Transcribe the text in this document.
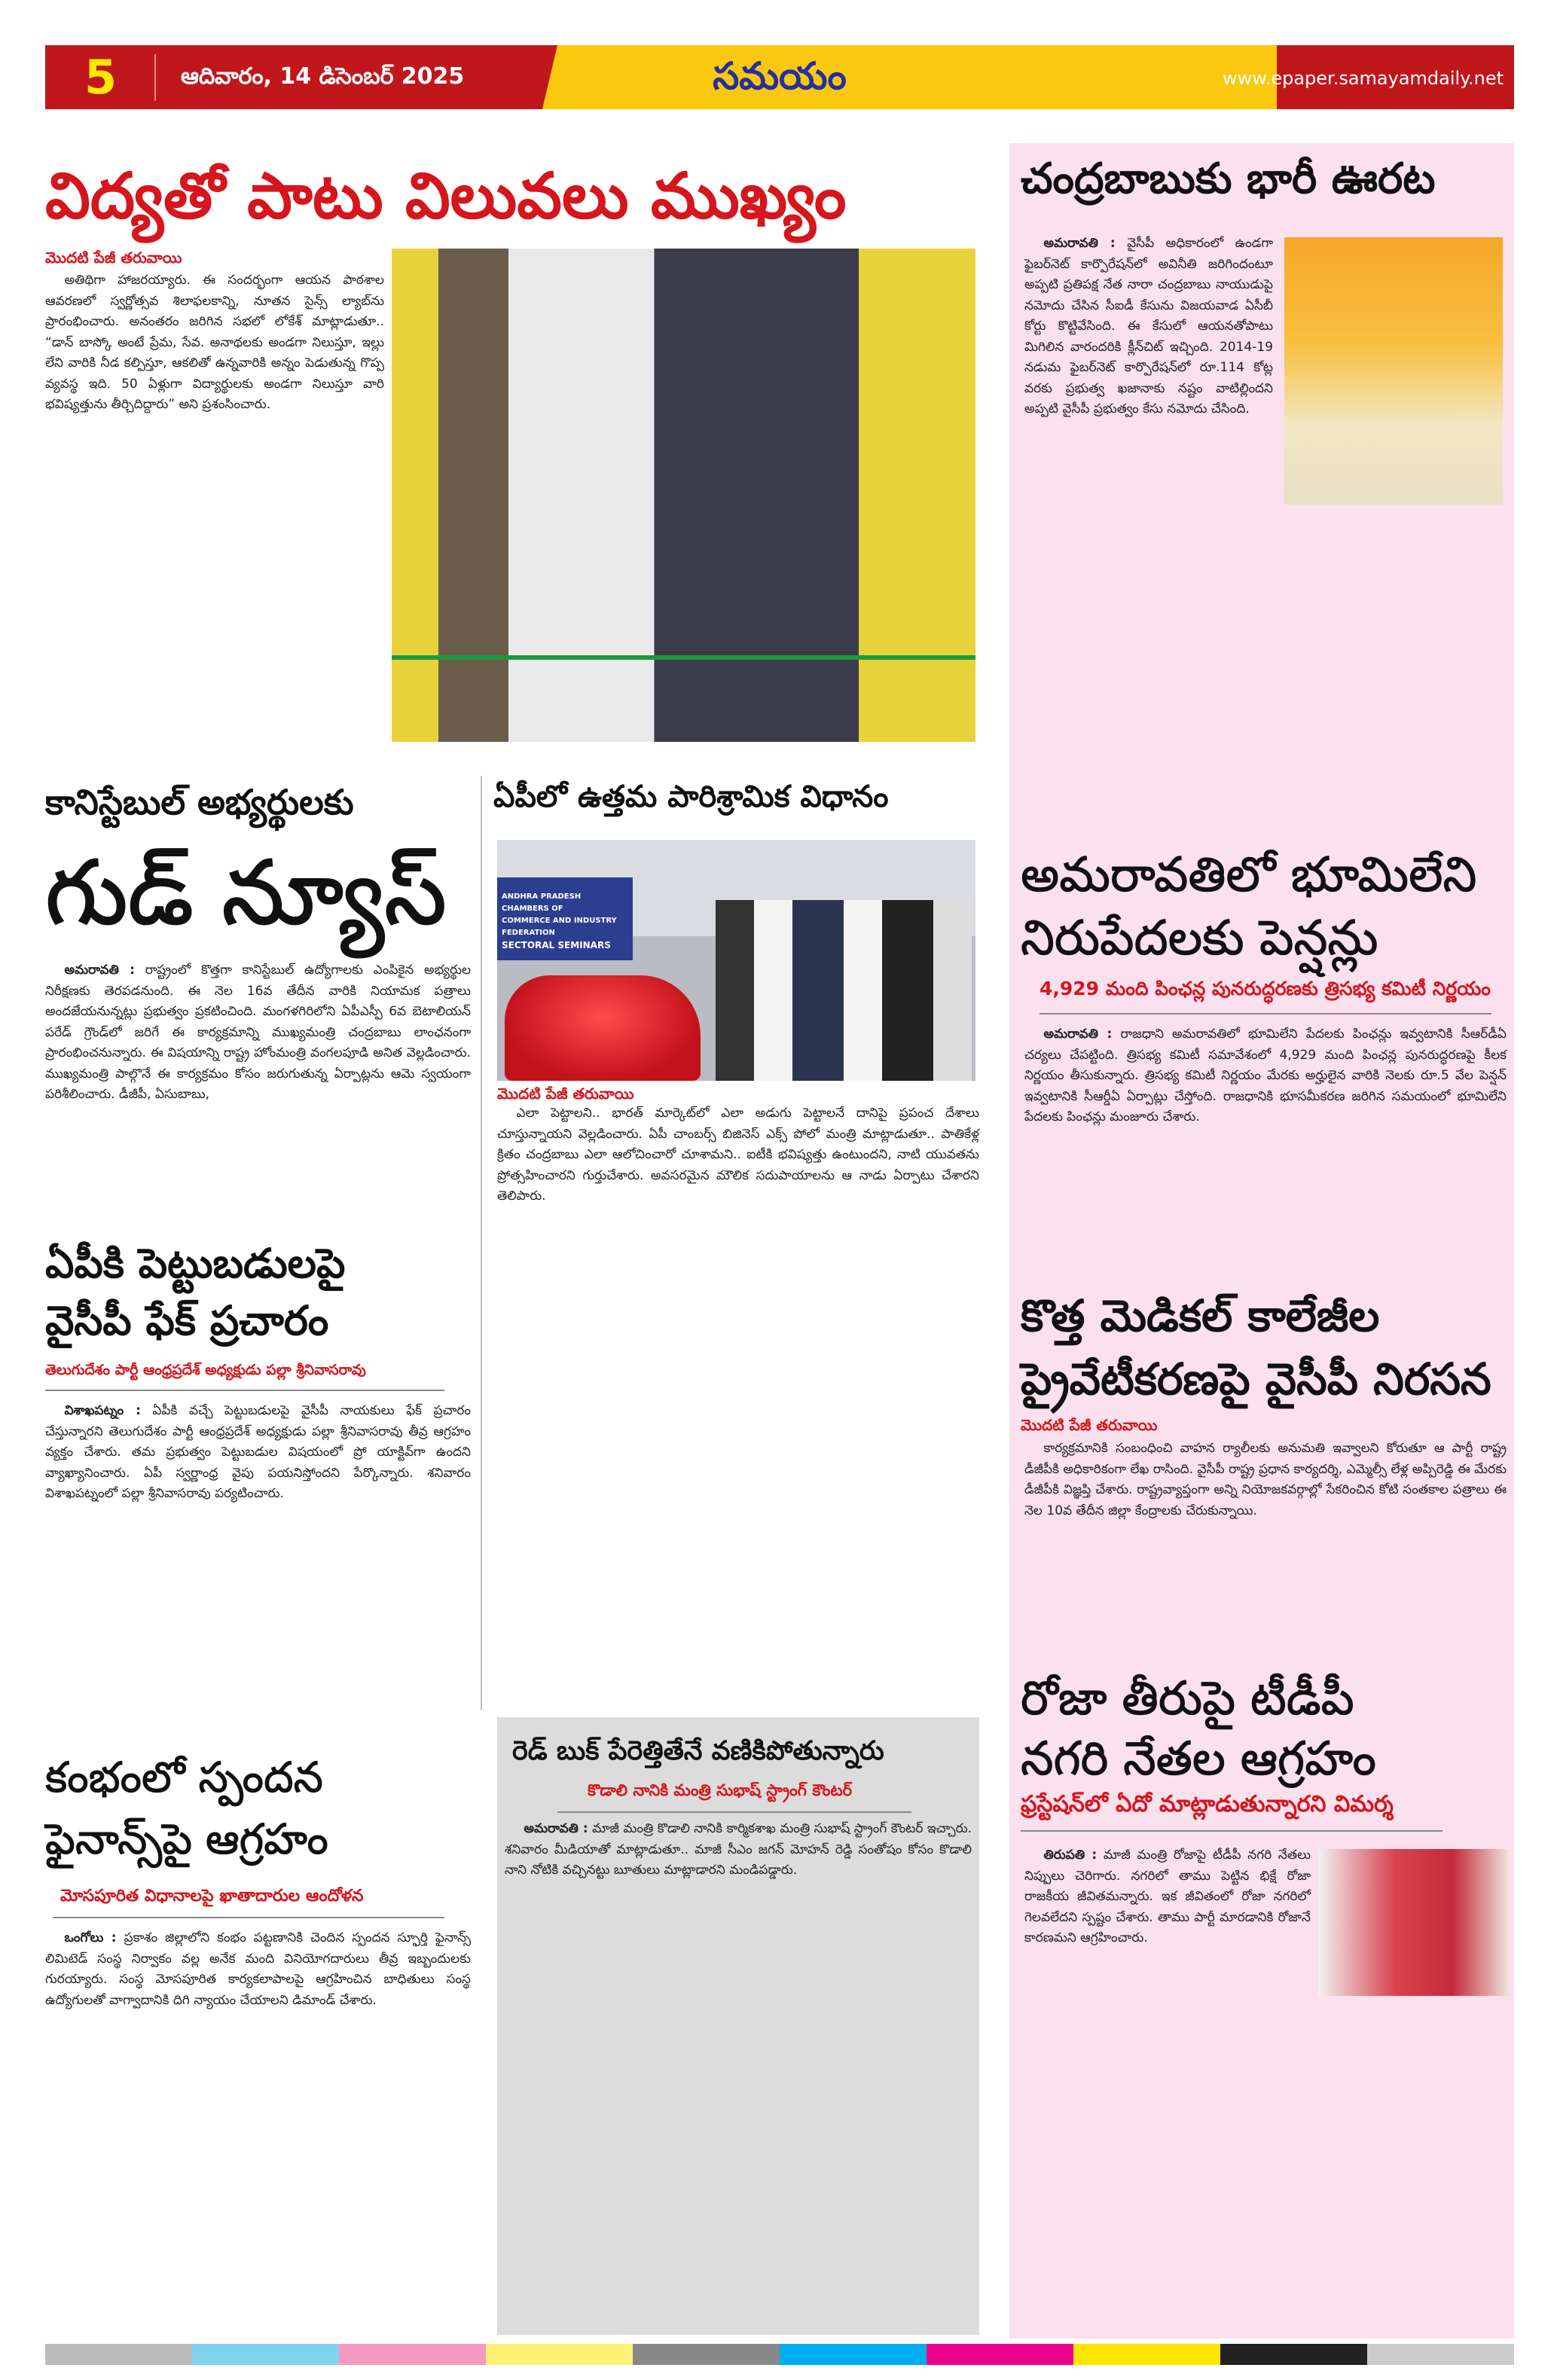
5	ఆదివారం, 14 డిసెంబర్ 2025	సమయం	www.epaper.samayamdaily.net
విద్యతో పాటు విలువలు ముఖ్యం
మొదటి పేజీ తరువాయి

అతిథిగా హాజరయ్యారు. ఈ సందర్భంగా ఆయన పాఠశాల ఆవరణలో స్వర్ణోత్సవ శిలాఫలకాన్ని, నూతన సైన్స్ ల్యాబ్‌ను ప్రారంభించారు. అనంతరం జరిగిన సభలో లోకేశ్ మాట్లాడుతూ.. “డాన్ బాస్కో అంటే ప్రేమ, సేవ. అనాథలకు అండగా నిలుస్తూ, ఇల్లు లేని వారికి నీడ కల్పిస్తూ, ఆకలితో ఉన్నవారికి అన్నం పెడుతున్న గొప్ప వ్యవస్థ ఇది. 50 ఏళ్లుగా విద్యార్థులకు అండగా నిలుస్తూ వారి భవిష్యత్తును తీర్చిదిద్దారు” అని ప్రశంసించారు.

చంద్రబాబుకు భారీ ఊరట

అమరావతి : వైసీపీ అధికారంలో ఉండగా ఫైబర్‌నెట్ కార్పొరేషన్‌లో అవినీతి జరిగిందంటూ అప్పటి ప్రతిపక్ష నేత నారా చంద్రబాబు నాయుడుపై నమోదు చేసిన సీఐడీ కేసును విజయవాడ ఏసీబీ కోర్టు కొట్టివేసింది. ఈ కేసులో ఆయనతోపాటు మిగిలిన వారందరికి క్లీన్‌చిట్ ఇచ్చింది. 2014-19 నడుమ ఫైబర్‌నెట్ కార్పొరేషన్‌లో రూ.114 కోట్ల వరకు ప్రభుత్వ ఖజానాకు నష్టం వాటిల్లిందని అప్పటి వైసీపీ ప్రభుత్వం కేసు నమోదు చేసింది.

అమరావతిలో భూమిలేని
నిరుపేదలకు పెన్షన్లు
4,929 మంది పింఛన్ల పునరుద్ధరణకు త్రిసభ్య కమిటీ నిర్ణయం

అమరావతి : రాజధాని అమరావతిలో భూమిలేని పేదలకు పింఛన్లు ఇవ్వటానికి సీఆర్‌డీఏ చర్యలు చేపట్టింది. త్రిసభ్య కమిటీ సమావేశంలో 4,929 మంది పింఛన్ల పునరుద్ధరణపై కీలక నిర్ణయం తీసుకున్నారు. త్రిసభ్య కమిటీ నిర్ణయం మేరకు అర్హులైన వారికి నెలకు రూ.5 వేల పెన్షన్ ఇవ్వటానికి సీఆర్డీఏ ఏర్పాట్లు చేస్తోంది. రాజధానికి భూసమీకరణ జరిగిన సమయంలో భూమిలేని పేదలకు పింఛన్లు మంజూరు చేశారు.

కొత్త మెడికల్ కాలేజీల
ప్రైవేటీకరణపై వైసీపీ నిరసన
మొదటి పేజీ తరువాయి

కార్యక్రమానికి సంబంధించి వాహన ర్యాలీలకు అనుమతి ఇవ్వాలని కోరుతూ ఆ పార్టీ రాష్ట్ర డీజీపీకి అధికారికంగా లేఖ రాసింది. వైసీపీ రాష్ట్ర ప్రధాన కార్యదర్శి, ఎమ్మెల్సీ లేళ్ల అప్పిరెడ్డి ఈ మేరకు డీజీపీకి విజ్ఞప్తి చేశారు. రాష్ట్రవ్యాప్తంగా అన్ని నియోజకవర్గాల్లో సేకరించిన కోటి సంతకాల పత్రాలు ఈ నెల 10వ తేదీన జిల్లా కేంద్రాలకు చేరుకున్నాయి.

రోజా తీరుపై టీడీపీ
నగరి నేతల ఆగ్రహం
ఫ్రస్టేషన్‌లో ఏదో మాట్లాడుతున్నారని విమర్శ

తిరుపతి : మాజీ మంత్రి రోజాపై టీడీపీ నగరి నేతలు నిప్పులు చెరిగారు. నగరిలో తాము పెట్టిన భిక్షే రోజా రాజకీయ జీవితమన్నారు. ఇక జీవితంలో రోజా నగరిలో గెలవలేదని స్పష్టం చేశారు. తాము పార్టీ మారడానికి రోజానే కారణమని ఆగ్రహించారు.

కానిస్టేబుల్ అభ్యర్థులకు
గుడ్ న్యూస్

అమరావతి : రాష్ట్రంలో కొత్తగా కానిస్టేబుల్ ఉద్యోగాలకు ఎంపికైన అభ్యర్థుల నిరీక్షణకు తెరపడనుంది. ఈ నెల 16వ తేదీన వారికి నియామక పత్రాలు అందజేయనున్నట్లు ప్రభుత్వం ప్రకటించింది. మంగళగిరిలోని ఏపీఎస్పీ 6వ బెటాలియన్ పరేడ్ గ్రౌండ్‌లో జరిగే ఈ కార్యక్రమాన్ని ముఖ్యమంత్రి చంద్రబాబు లాంఛనంగా ప్రారంభించనున్నారు. ఈ విషయాన్ని రాష్ట్ర హోంమంత్రి వంగలపూడి అనిత వెల్లడించారు. ముఖ్యమంత్రి పాల్గొనే ఈ కార్యక్రమం కోసం జరుగుతున్న ఏర్పాట్లను ఆమె స్వయంగా పరిశీలించారు. డీజీపీ, ఏసుబాబు,

ఏపీకి పెట్టుబడులపై
వైసీపీ ఫేక్ ప్రచారం
తెలుగుదేశం పార్టీ ఆంధ్రప్రదేశ్ అధ్యక్షుడు పల్లా శ్రీనివాసరావు

విశాఖపట్నం : ఏపీకి వచ్చే పెట్టుబడులపై వైసీపీ నాయకులు ఫేక్ ప్రచారం చేస్తున్నారని తెలుగుదేశం పార్టీ ఆంధ్రప్రదేశ్ అధ్యక్షుడు పల్లా శ్రీనివాసరావు తీవ్ర ఆగ్రహం వ్యక్తం చేశారు. తమ ప్రభుత్వం పెట్టుబడుల విషయంలో ప్రో యాక్టివ్‌గా ఉందని వ్యాఖ్యానించారు. ఏపీ స్వర్ణాంధ్ర వైపు పయనిస్తోందని పేర్కొన్నారు. శనివారం విశాఖపట్నంలో పల్లా శ్రీనివాసరావు పర్యటించారు.

కంభంలో స్పందన
ఫైనాన్స్‌పై ఆగ్రహం
మోసపూరిత విధానాలపై ఖాతాదారుల ఆందోళన

ఒంగోలు : ప్రకాశం జిల్లాలోని కంభం పట్టణానికి చెందిన స్పందన స్ఫూర్తి ఫైనాన్స్ లిమిటెడ్ సంస్థ నిర్వాకం వల్ల అనేక మంది వినియోగదారులు తీవ్ర ఇబ్బందులకు గురయ్యారు. సంస్థ మోసపూరిత కార్యకలాపాలపై ఆగ్రహించిన బాధితులు సంస్థ ఉద్యోగులతో వాగ్వాదానికి దిగి న్యాయం చేయాలని డిమాండ్ చేశారు.

ఏపీలో ఉత్తమ పారిశ్రామిక విధానం
ANDHRA PRADESH CHAMBERS OF
COMMERCE AND INDUSTRY FEDERATION
SECTORAL SEMINARS
మొదటి పేజీ తరువాయి

ఎలా పెట్టాలని.. భారత్ మార్కెట్‌లో ఎలా అడుగు పెట్టాలనే దానిపై ప్రపంచ దేశాలు చూస్తున్నాయని వెల్లడించారు. ఏపీ చాంబర్స్ బిజినెస్ ఎక్స్ పోలో మంత్రి మాట్లాడుతూ.. పాతికేళ్ల క్రితం చంద్రబాబు ఎలా ఆలోచించారో చూశామని.. ఐటీకి భవిష్యత్తు ఉంటుందని, నాటి యువతను ప్రోత్సహించారని గుర్తుచేశారు. అవసరమైన మౌలిక సదుపాయాలను ఆ నాడు ఏర్పాటు చేశారని తెలిపారు.

రెడ్ బుక్ పేరెత్తితేనే వణికిపోతున్నారు
కొడాలి నానికి మంత్రి సుభాష్ స్ట్రాంగ్ కౌంటర్

అమరావతి : మాజీ మంత్రి కొడాలి నానికి కార్మికశాఖ మంత్రి సుభాష్ స్ట్రాంగ్ కౌంటర్ ఇచ్చారు. శనివారం మీడియాతో మాట్లాడుతూ.. మాజీ సీఎం జగన్ మోహన్ రెడ్డి సంతోషం కోసం కొడాలి నాని నోటికి వచ్చినట్టు బూతులు మాట్లాడారని మండిపడ్డారు.
